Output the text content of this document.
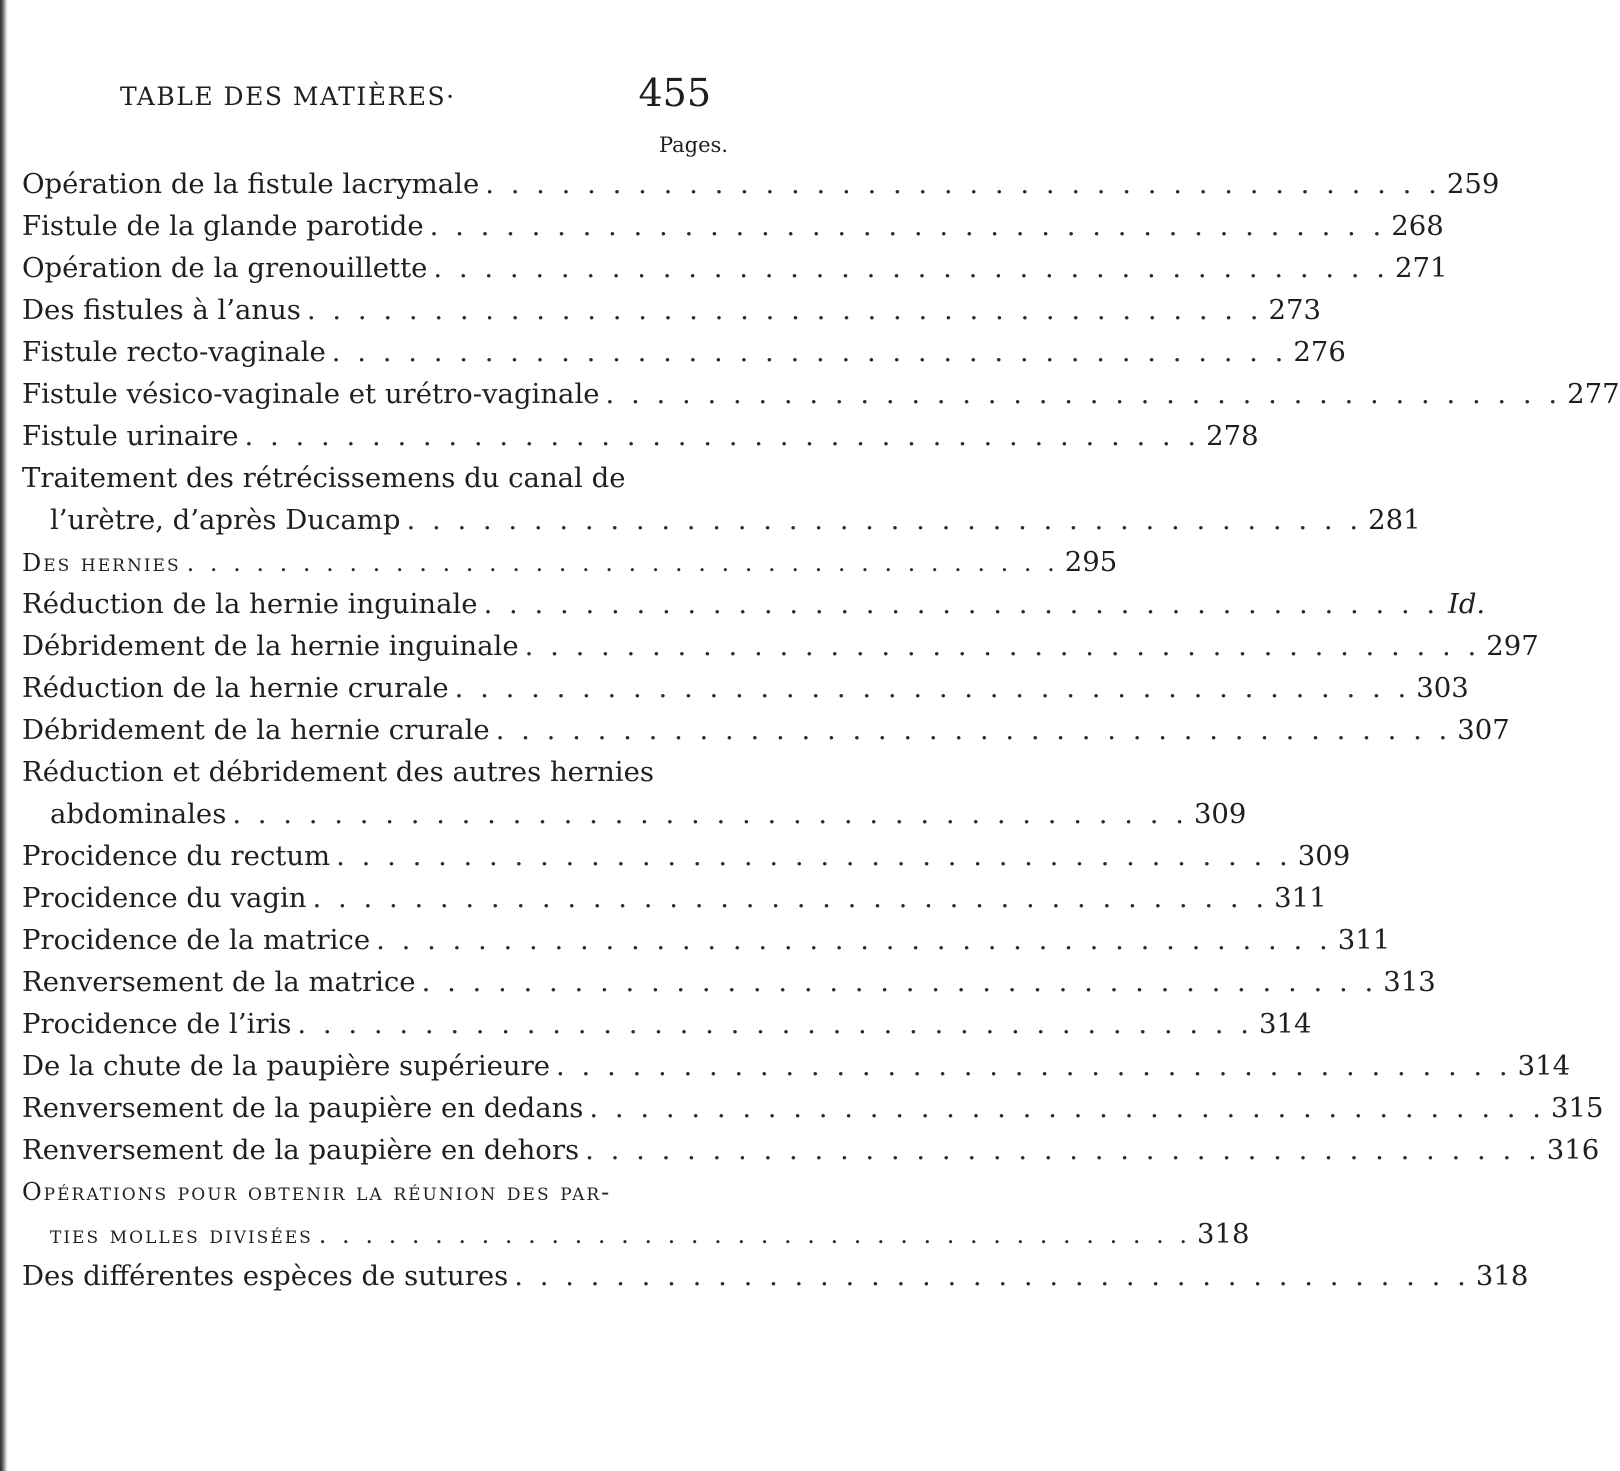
TABLE DES MATIÈRES·	455
Pages.
Opération de la fistule lacrymale . . . . . . . . . . . . . . . . . . . . . . . . . . . . . . . . . . . . . . 259
Fistule de la glande parotide . . . . . . . . . . . . . . . . . . . . . . . . . . . . . . . . . . . . . . 268
Opération de la grenouillette . . . . . . . . . . . . . . . . . . . . . . . . . . . . . . . . . . . . . . 271
Des fistules à l’anus . . . . . . . . . . . . . . . . . . . . . . . . . . . . . . . . . . . . . . 273
Fistule recto-vaginale . . . . . . . . . . . . . . . . . . . . . . . . . . . . . . . . . . . . . . 276
Fistule vésico-vaginale et urétro-vaginale . . . . . . . . . . . . . . . . . . . . . . . . . . . . . . . . . . . . . . 277
Fistule urinaire . . . . . . . . . . . . . . . . . . . . . . . . . . . . . . . . . . . . . . 278
Traitement des rétrécissemens du canal de
l’urètre, d’après Ducamp . . . . . . . . . . . . . . . . . . . . . . . . . . . . . . . . . . . . . . 281
Des hernies . . . . . . . . . . . . . . . . . . . . . . . . . . . . . . . . . . . . . . 295
Réduction de la hernie inguinale . . . . . . . . . . . . . . . . . . . . . . . . . . . . . . . . . . . . . . Id.
Débridement de la hernie inguinale . . . . . . . . . . . . . . . . . . . . . . . . . . . . . . . . . . . . . . 297
Réduction de la hernie crurale . . . . . . . . . . . . . . . . . . . . . . . . . . . . . . . . . . . . . . 303
Débridement de la hernie crurale . . . . . . . . . . . . . . . . . . . . . . . . . . . . . . . . . . . . . . 307
Réduction et débridement des autres hernies
abdominales . . . . . . . . . . . . . . . . . . . . . . . . . . . . . . . . . . . . . . 309
Procidence du rectum . . . . . . . . . . . . . . . . . . . . . . . . . . . . . . . . . . . . . . 309
Procidence du vagin . . . . . . . . . . . . . . . . . . . . . . . . . . . . . . . . . . . . . . 311
Procidence de la matrice . . . . . . . . . . . . . . . . . . . . . . . . . . . . . . . . . . . . . . 311
Renversement de la matrice . . . . . . . . . . . . . . . . . . . . . . . . . . . . . . . . . . . . . . 313
Procidence de l’iris . . . . . . . . . . . . . . . . . . . . . . . . . . . . . . . . . . . . . . 314
De la chute de la paupière supérieure . . . . . . . . . . . . . . . . . . . . . . . . . . . . . . . . . . . . . . 314
Renversement de la paupière en dedans . . . . . . . . . . . . . . . . . . . . . . . . . . . . . . . . . . . . . . 315
Renversement de la paupière en dehors . . . . . . . . . . . . . . . . . . . . . . . . . . . . . . . . . . . . . . 316
Opérations pour obtenir la réunion des par-
ties molles divisées . . . . . . . . . . . . . . . . . . . . . . . . . . . . . . . . . . . . . . 318
Des différentes espèces de sutures . . . . . . . . . . . . . . . . . . . . . . . . . . . . . . . . . . . . . . 318
